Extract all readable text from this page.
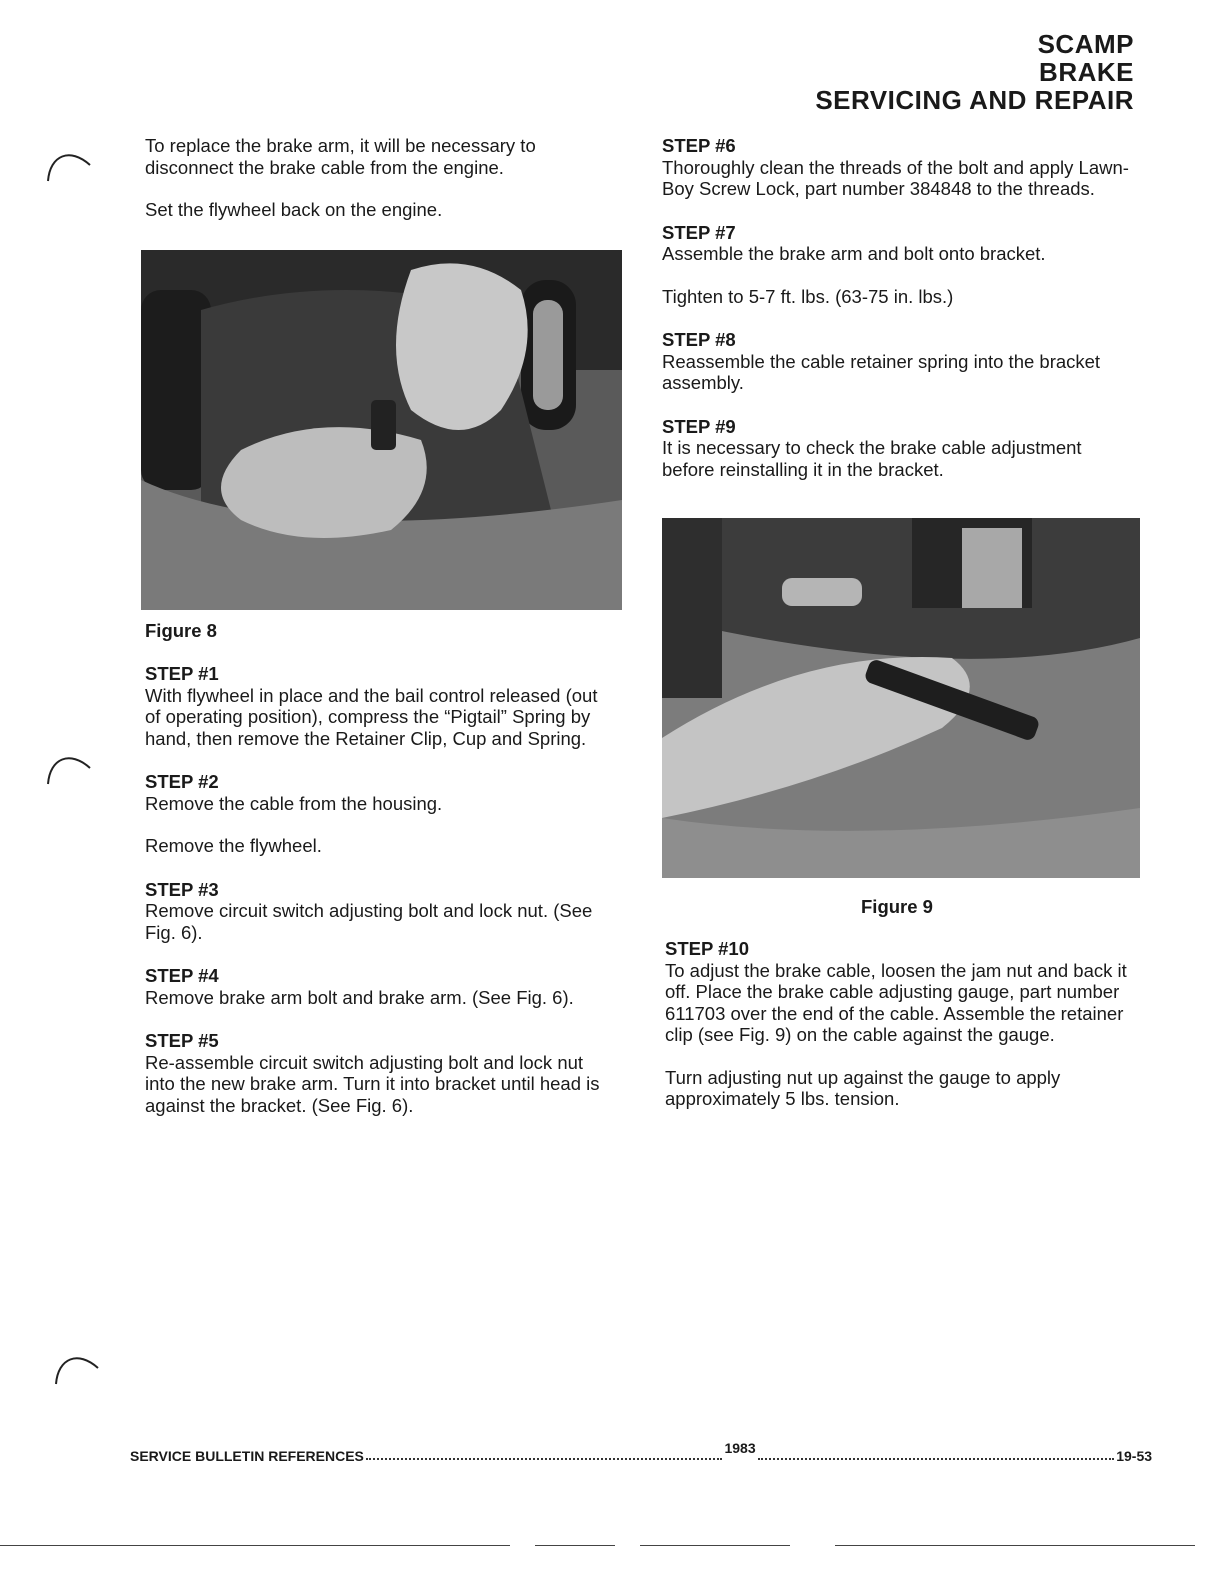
SCAMP
BRAKE
SERVICING AND REPAIR

To replace the brake arm, it will be necessary to disconnect the brake cable from the engine.

Set the flywheel back on the engine.

Figure 8
STEP #1
With flywheel in place and the bail control released (out of operating position), compress the “Pigtail” Spring by hand, then remove the Retainer Clip, Cup and Spring.
STEP #2
Remove the cable from the housing.
Remove the flywheel.
STEP #3
Remove circuit switch adjusting bolt and lock nut. (See Fig. 6).
STEP #4
Remove brake arm bolt and brake arm. (See Fig. 6).
STEP #5
Re-assemble circuit switch adjusting bolt and lock nut into the new brake arm. Turn it into bracket until head is against the bracket. (See Fig. 6).
STEP #6
Thoroughly clean the threads of the bolt and apply Lawn-Boy Screw Lock, part number 384848 to the threads.
STEP #7
Assemble the brake arm and bolt onto bracket.
Tighten to 5-7 ft. lbs. (63-75 in. lbs.)
STEP #8
Reassemble the cable retainer spring into the bracket assembly.
STEP #9
It is necessary to check the brake cable adjustment before reinstalling it in the bracket.
Figure 9
STEP #10
To adjust the brake cable, loosen the jam nut and back it off. Place the brake cable adjusting gauge, part number 611703 over the end of the cable. Assemble the retainer clip (see Fig. 9) on the cable against the gauge.
Turn adjusting nut up against the gauge to apply approximately 5 lbs. tension.
SERVICE BULLETIN REFERENCES	1983	19-53
